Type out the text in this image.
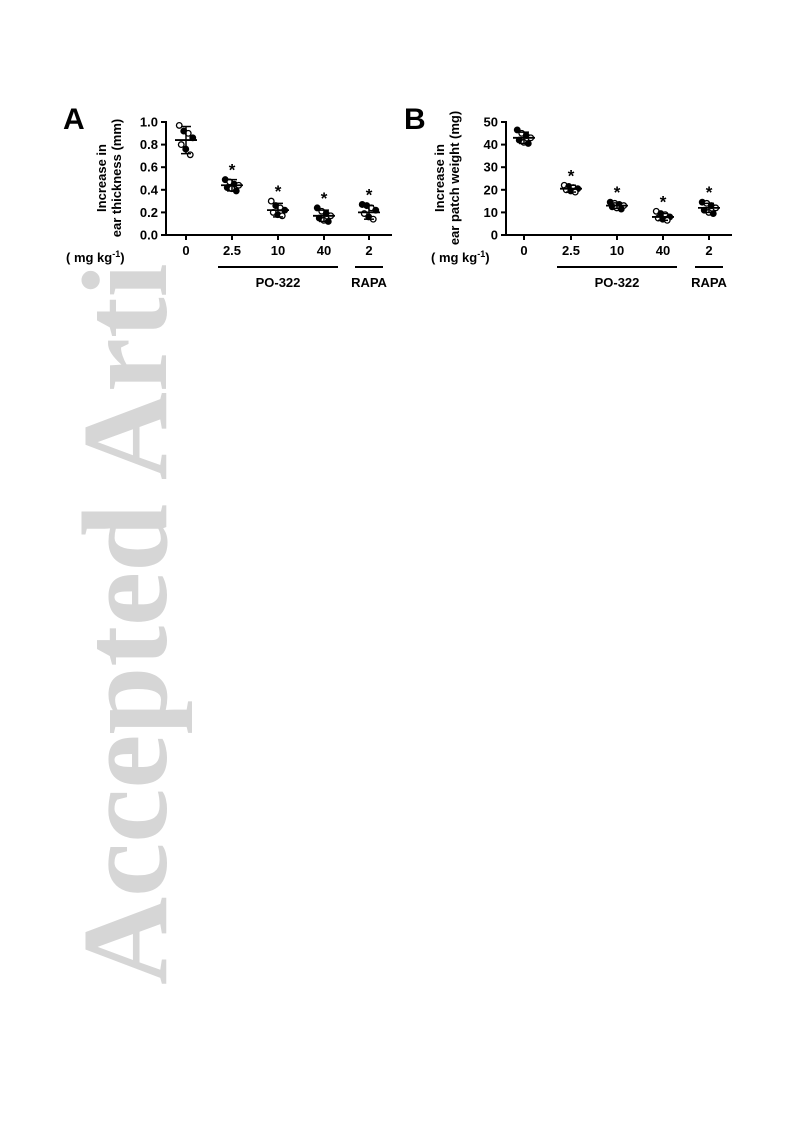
Accepted Arti
A
Increase in ear thickness (mm) 0.0
0.2
0.4
0.6
0.8
1.0
0	2.5 10 40	2
( mg $kg^{-1}$)
PO-322	RAPA
*
* * *
B
Increase in ear patch weight (mg) 0
10
20
30
40
50
0	2.5 10 40	2
( mg $kg^{-1}$)
PO-322	RAPA
*
* * *
